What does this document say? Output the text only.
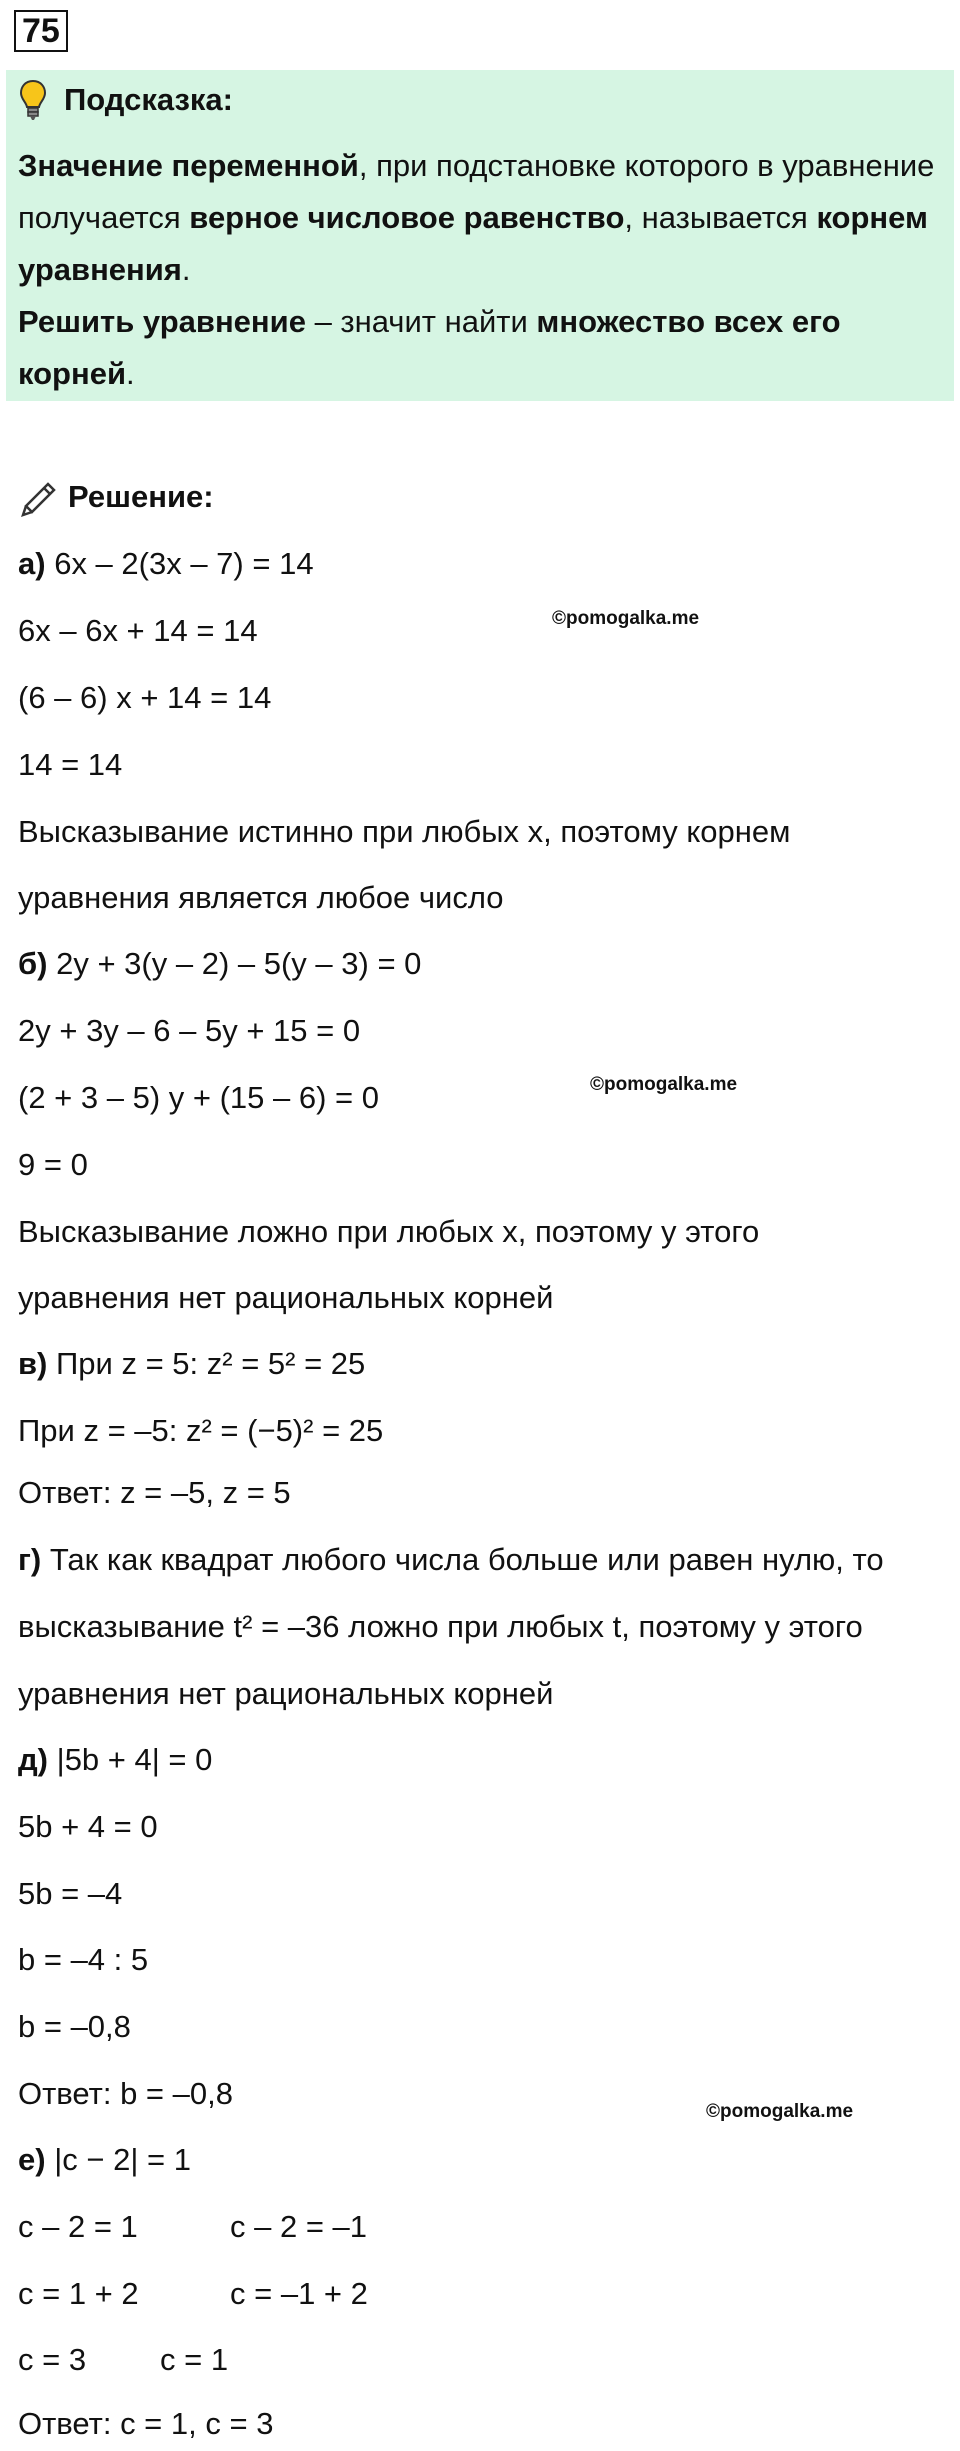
75
Подсказка:
Значение переменной, при подстановке которого в уравнение получается верное числовое равенство, называется корнем уравнения.
Решить уравнение – значит найти множество всех его корней.
Решение:
а) 6x – 2(3x – 7) = 14
6x – 6x + 14 = 14
(6 – 6) x + 14 = 14
14 = 14
Высказывание истинно при любых x, поэтому корнем
уравнения является любое число
©pomogalka.me
б) 2y + 3(y – 2) – 5(y – 3) = 0
2y + 3y – 6 – 5y + 15 = 0
(2 + 3 – 5) y + (15 – 6) = 0
9 = 0
Высказывание ложно при любых x, поэтому у этого
уравнения нет рациональных корней
©pomogalka.me
в) При z = 5: z² = 5² = 25
При z = –5: z² = (−5)² = 25
Ответ: z = –5, z = 5
г) Так как квадрат любого числа больше или равен нулю, то
высказывание t² = –36 ложно при любых t, поэтому у этого
уравнения нет рациональных корней
д) |5b + 4| = 0
5b + 4 = 0
5b = –4
b = –4 : 5
b = –0,8
Ответ: b = –0,8
©pomogalka.me
е) |c − 2| = 1
c – 2 = 1	c – 2 = –1
c = 1 + 2	c = –1 + 2
c = 3 c = 1
Ответ: c = 1, c = 3
